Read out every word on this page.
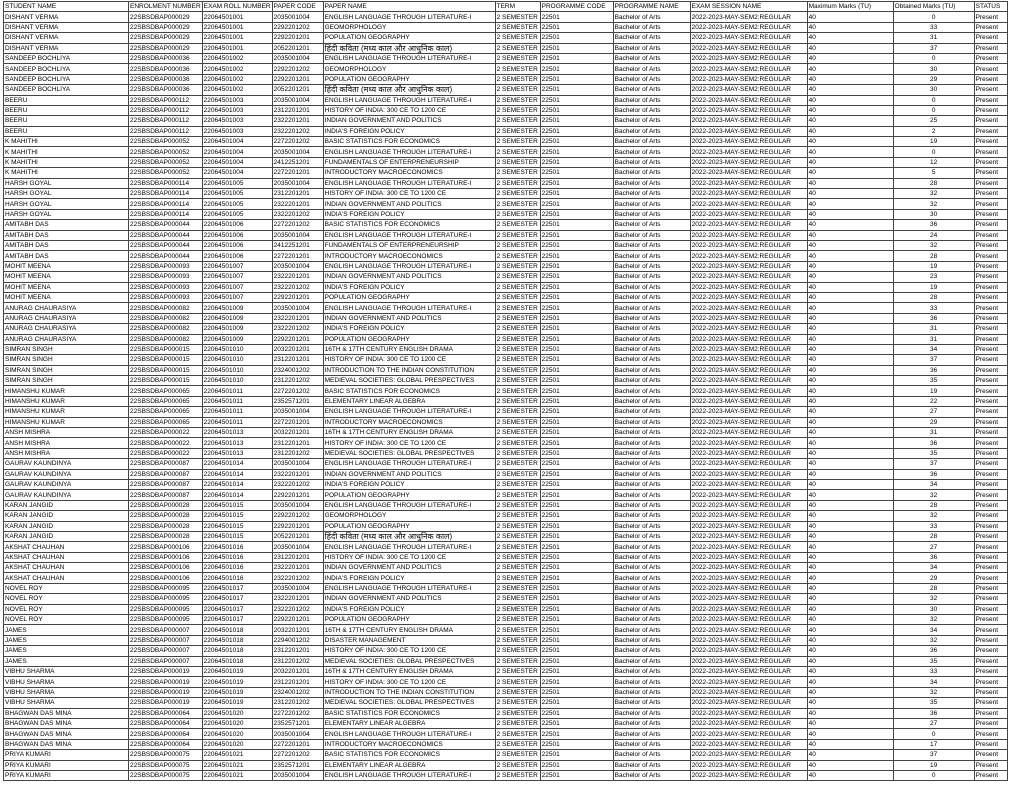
STUDENT NAME	ENROLMENT NUMBER	EXAM ROLL NUMBER	PAPER CODE	PAPER NAME	TERM	PROGRAMME CODE	PROGRAMME NAME	EXAM SESSION NAME	Maximum Marks (TU)	Obtained Marks (TU)	STATUS
DISHANT VERMA	22SBSDBAP000029	22064501001	2035001004	ENGLISH LANGUAGE THROUGH LITERATURE-I	2 SEMESTER	22501	Bachelor of Arts	2022-2023-MAY-SEM2:REGULAR	40	0	Present
DISHANT VERMA	22SBSDBAP000029	22064501001	2292201202	GEOMORPHOLOGY	2 SEMESTER	22501	Bachelor of Arts	2022-2023-MAY-SEM2:REGULAR	40	33	Present
DISHANT VERMA	22SBSDBAP000029	22064501001	2292201201	POPULATION GEOGRAPHY	2 SEMESTER	22501	Bachelor of Arts	2022-2023-MAY-SEM2:REGULAR	40	31	Present
DISHANT VERMA	22SBSDBAP000029	22064501001	2052201201	हिंदी कविता (मध्य काल और आधुनिक काल)	2 SEMESTER	22501	Bachelor of Arts	2022-2023-MAY-SEM2:REGULAR	40	37	Present
SANDEEP BOCHLIYA	22SBSDBAP000036	22064501002	2035001004	ENGLISH LANGUAGE THROUGH LITERATURE-I	2 SEMESTER	22501	Bachelor of Arts	2022-2023-MAY-SEM2:REGULAR	40	0	Present
SANDEEP BOCHLIYA	22SBSDBAP000036	22064501002	2292201202	GEOMORPHOLOGY	2 SEMESTER	22501	Bachelor of Arts	2022-2023-MAY-SEM2:REGULAR	40	30	Present
SANDEEP BOCHLIYA	22SBSDBAP000036	22064501002	2292201201	POPULATION GEOGRAPHY	2 SEMESTER	22501	Bachelor of Arts	2022-2023-MAY-SEM2:REGULAR	40	29	Present
SANDEEP BOCHLIYA	22SBSDBAP000036	22064501002	2052201201	हिंदी कविता (मध्य काल और आधुनिक काल)	2 SEMESTER	22501	Bachelor of Arts	2022-2023-MAY-SEM2:REGULAR	40	30	Present
BEERU	22SBSDBAP000112	22064501003	2035001004	ENGLISH LANGUAGE THROUGH LITERATURE-I	2 SEMESTER	22501	Bachelor of Arts	2022-2023-MAY-SEM2:REGULAR	40	0	Present
BEERU	22SBSDBAP000112	22064501003	2312201201	HISTORY OF INDIA: 300 CE TO 1200 CE	2 SEMESTER	22501	Bachelor of Arts	2022-2023-MAY-SEM2:REGULAR	40	0	Present
BEERU	22SBSDBAP000112	22064501003	2322201201	INDIAN GOVERNMENT AND POLITICS	2 SEMESTER	22501	Bachelor of Arts	2022-2023-MAY-SEM2:REGULAR	40	25	Present
BEERU	22SBSDBAP000112	22064501003	2322201202	INDIA'S FOREIGN POLICY	2 SEMESTER	22501	Bachelor of Arts	2022-2023-MAY-SEM2:REGULAR	40	2	Present
K MAHITHI	22SBSDBAP000052	22064501004	2272201202	BASIC STATISTICS FOR ECONOMICS	2 SEMESTER	22501	Bachelor of Arts	2022-2023-MAY-SEM2:REGULAR	40	19	Present
K MAHITHI	22SBSDBAP000052	22064501004	2035001004	ENGLISH LANGUAGE THROUGH LITERATURE-I	2 SEMESTER	22501	Bachelor of Arts	2022-2023-MAY-SEM2:REGULAR	40	0	Present
K MAHITHI	22SBSDBAP000052	22064501004	2412251201	FUNDAMENTALS OF ENTERPRENEURSHIP	2 SEMESTER	22501	Bachelor of Arts	2022-2023-MAY-SEM2:REGULAR	40	12	Present
K MAHITHI	22SBSDBAP000052	22064501004	2272201201	INTRODUCTORY MACROECONOMICS	2 SEMESTER	22501	Bachelor of Arts	2022-2023-MAY-SEM2:REGULAR	40	5	Present
HARSH GOYAL	22SBSDBAP000114	22064501005	2035001004	ENGLISH LANGUAGE THROUGH LITERATURE-I	2 SEMESTER	22501	Bachelor of Arts	2022-2023-MAY-SEM2:REGULAR	40	28	Present
HARSH GOYAL	22SBSDBAP000114	22064501005	2312201201	HISTORY OF INDIA: 300 CE TO 1200 CE	2 SEMESTER	22501	Bachelor of Arts	2022-2023-MAY-SEM2:REGULAR	40	32	Present
HARSH GOYAL	22SBSDBAP000114	22064501005	2322201201	INDIAN GOVERNMENT AND POLITICS	2 SEMESTER	22501	Bachelor of Arts	2022-2023-MAY-SEM2:REGULAR	40	32	Present
HARSH GOYAL	22SBSDBAP000114	22064501005	2322201202	INDIA'S FOREIGN POLICY	2 SEMESTER	22501	Bachelor of Arts	2022-2023-MAY-SEM2:REGULAR	40	30	Present
AMITABH DAS	22SBSDBAP000044	22064501006	2272201202	BASIC STATISTICS FOR ECONOMICS	2 SEMESTER	22501	Bachelor of Arts	2022-2023-MAY-SEM2:REGULAR	40	36	Present
AMITABH DAS	22SBSDBAP000044	22064501006	2035001004	ENGLISH LANGUAGE THROUGH LITERATURE-I	2 SEMESTER	22501	Bachelor of Arts	2022-2023-MAY-SEM2:REGULAR	40	24	Present
AMITABH DAS	22SBSDBAP000044	22064501006	2412251201	FUNDAMENTALS OF ENTERPRENEURSHIP	2 SEMESTER	22501	Bachelor of Arts	2022-2023-MAY-SEM2:REGULAR	40	32	Present
AMITABH DAS	22SBSDBAP000044	22064501006	2272201201	INTRODUCTORY MACROECONOMICS	2 SEMESTER	22501	Bachelor of Arts	2022-2023-MAY-SEM2:REGULAR	40	28	Present
MOHIT MEENA	22SBSDBAP000093	22064501007	2035001004	ENGLISH LANGUAGE THROUGH LITERATURE-I	2 SEMESTER	22501	Bachelor of Arts	2022-2023-MAY-SEM2:REGULAR	40	19	Present
MOHIT MEENA	22SBSDBAP000093	22064501007	2322201201	INDIAN GOVERNMENT AND POLITICS	2 SEMESTER	22501	Bachelor of Arts	2022-2023-MAY-SEM2:REGULAR	40	23	Present
MOHIT MEENA	22SBSDBAP000093	22064501007	2322201202	INDIA'S FOREIGN POLICY	2 SEMESTER	22501	Bachelor of Arts	2022-2023-MAY-SEM2:REGULAR	40	19	Present
MOHIT MEENA	22SBSDBAP000093	22064501007	2292201201	POPULATION GEOGRAPHY	2 SEMESTER	22501	Bachelor of Arts	2022-2023-MAY-SEM2:REGULAR	40	28	Present
ANURAG CHAURASIYA	22SBSDBAP000082	22064501009	2035001004	ENGLISH LANGUAGE THROUGH LITERATURE-I	2 SEMESTER	22501	Bachelor of Arts	2022-2023-MAY-SEM2:REGULAR	40	33	Present
ANURAG CHAURASIYA	22SBSDBAP000082	22064501009	2322201201	INDIAN GOVERNMENT AND POLITICS	2 SEMESTER	22501	Bachelor of Arts	2022-2023-MAY-SEM2:REGULAR	40	36	Present
ANURAG CHAURASIYA	22SBSDBAP000082	22064501009	2322201202	INDIA'S FOREIGN POLICY	2 SEMESTER	22501	Bachelor of Arts	2022-2023-MAY-SEM2:REGULAR	40	31	Present
ANURAG CHAURASIYA	22SBSDBAP000082	22064501009	2292201201	POPULATION GEOGRAPHY	2 SEMESTER	22501	Bachelor of Arts	2022-2023-MAY-SEM2:REGULAR	40	31	Present
SIMRAN SINGH	22SBSDBAP000015	22064501010	2032201201	16TH & 17TH CENTURY ENGLISH DRAMA	2 SEMESTER	22501	Bachelor of Arts	2022-2023-MAY-SEM2:REGULAR	40	34	Present
SIMRAN SINGH	22SBSDBAP000015	22064501010	2312201201	HISTORY OF INDIA: 300 CE TO 1200 CE	2 SEMESTER	22501	Bachelor of Arts	2022-2023-MAY-SEM2:REGULAR	40	37	Present
SIMRAN SINGH	22SBSDBAP000015	22064501010	2324001202	INTRODUCTION TO THE INDIAN CONSTITUTION	2 SEMESTER	22501	Bachelor of Arts	2022-2023-MAY-SEM2:REGULAR	40	36	Present
SIMRAN SINGH	22SBSDBAP000015	22064501010	2312201202	MEDIEVAL SOCIETIES: GLOBAL PRESPECTIVES	2 SEMESTER	22501	Bachelor of Arts	2022-2023-MAY-SEM2:REGULAR	40	35	Present
HIMANSHU KUMAR	22SBSDBAP000065	22064501011	2272201202	BASIC STATISTICS FOR ECONOMICS	2 SEMESTER	22501	Bachelor of Arts	2022-2023-MAY-SEM2:REGULAR	40	19	Present
HIMANSHU KUMAR	22SBSDBAP000065	22064501011	2352571201	ELEMENTARY LINEAR ALGEBRA	2 SEMESTER	22501	Bachelor of Arts	2022-2023-MAY-SEM2:REGULAR	40	22	Present
HIMANSHU KUMAR	22SBSDBAP000065	22064501011	2035001004	ENGLISH LANGUAGE THROUGH LITERATURE-I	2 SEMESTER	22501	Bachelor of Arts	2022-2023-MAY-SEM2:REGULAR	40	27	Present
HIMANSHU KUMAR	22SBSDBAP000065	22064501011	2272201201	INTRODUCTORY MACROECONOMICS	2 SEMESTER	22501	Bachelor of Arts	2022-2023-MAY-SEM2:REGULAR	40	29	Present
ANSH MISHRA	22SBSDBAP000022	22064501013	2032201201	16TH & 17TH CENTURY ENGLISH DRAMA	2 SEMESTER	22501	Bachelor of Arts	2022-2023-MAY-SEM2:REGULAR	40	31	Present
ANSH MISHRA	22SBSDBAP000022	22064501013	2312201201	HISTORY OF INDIA: 300 CE TO 1200 CE	2 SEMESTER	22501	Bachelor of Arts	2022-2023-MAY-SEM2:REGULAR	40	36	Present
ANSH MISHRA	22SBSDBAP000022	22064501013	2312201202	MEDIEVAL SOCIETIES: GLOBAL PRESPECTIVES	2 SEMESTER	22501	Bachelor of Arts	2022-2023-MAY-SEM2:REGULAR	40	35	Present
GAURAV KAUNDINYA	22SBSDBAP000087	22064501014	2035001004	ENGLISH LANGUAGE THROUGH LITERATURE-I	2 SEMESTER	22501	Bachelor of Arts	2022-2023-MAY-SEM2:REGULAR	40	37	Present
GAURAV KAUNDINYA	22SBSDBAP000087	22064501014	2322201201	INDIAN GOVERNMENT AND POLITICS	2 SEMESTER	22501	Bachelor of Arts	2022-2023-MAY-SEM2:REGULAR	40	36	Present
GAURAV KAUNDINYA	22SBSDBAP000087	22064501014	2322201202	INDIA'S FOREIGN POLICY	2 SEMESTER	22501	Bachelor of Arts	2022-2023-MAY-SEM2:REGULAR	40	34	Present
GAURAV KAUNDINYA	22SBSDBAP000087	22064501014	2292201201	POPULATION GEOGRAPHY	2 SEMESTER	22501	Bachelor of Arts	2022-2023-MAY-SEM2:REGULAR	40	32	Present
KARAN JANGID	22SBSDBAP000028	22064501015	2035001004	ENGLISH LANGUAGE THROUGH LITERATURE-I	2 SEMESTER	22501	Bachelor of Arts	2022-2023-MAY-SEM2:REGULAR	40	28	Present
KARAN JANGID	22SBSDBAP000028	22064501015	2292201202	GEOMORPHOLOGY	2 SEMESTER	22501	Bachelor of Arts	2022-2023-MAY-SEM2:REGULAR	40	32	Present
KARAN JANGID	22SBSDBAP000028	22064501015	2292201201	POPULATION GEOGRAPHY	2 SEMESTER	22501	Bachelor of Arts	2022-2023-MAY-SEM2:REGULAR	40	33	Present
KARAN JANGID	22SBSDBAP000028	22064501015	2052201201	हिंदी कविता (मध्य काल और आधुनिक काल)	2 SEMESTER	22501	Bachelor of Arts	2022-2023-MAY-SEM2:REGULAR	40	28	Present
AKSHAT CHAUHAN	22SBSDBAP000106	22064501016	2035001004	ENGLISH LANGUAGE THROUGH LITERATURE-I	2 SEMESTER	22501	Bachelor of Arts	2022-2023-MAY-SEM2:REGULAR	40	27	Present
AKSHAT CHAUHAN	22SBSDBAP000106	22064501016	2312201201	HISTORY OF INDIA: 300 CE TO 1200 CE	2 SEMESTER	22501	Bachelor of Arts	2022-2023-MAY-SEM2:REGULAR	40	36	Present
AKSHAT CHAUHAN	22SBSDBAP000106	22064501016	2322201201	INDIAN GOVERNMENT AND POLITICS	2 SEMESTER	22501	Bachelor of Arts	2022-2023-MAY-SEM2:REGULAR	40	34	Present
AKSHAT CHAUHAN	22SBSDBAP000106	22064501016	2322201202	INDIA'S FOREIGN POLICY	2 SEMESTER	22501	Bachelor of Arts	2022-2023-MAY-SEM2:REGULAR	40	29	Present
NOVEL ROY	22SBSDBAP000095	22064501017	2035001004	ENGLISH LANGUAGE THROUGH LITERATURE-I	2 SEMESTER	22501	Bachelor of Arts	2022-2023-MAY-SEM2:REGULAR	40	28	Present
NOVEL ROY	22SBSDBAP000095	22064501017	2322201201	INDIAN GOVERNMENT AND POLITICS	2 SEMESTER	22501	Bachelor of Arts	2022-2023-MAY-SEM2:REGULAR	40	32	Present
NOVEL ROY	22SBSDBAP000095	22064501017	2322201202	INDIA'S FOREIGN POLICY	2 SEMESTER	22501	Bachelor of Arts	2022-2023-MAY-SEM2:REGULAR	40	30	Present
NOVEL ROY	22SBSDBAP000095	22064501017	2292201201	POPULATION GEOGRAPHY	2 SEMESTER	22501	Bachelor of Arts	2022-2023-MAY-SEM2:REGULAR	40	32	Present
JAMES	22SBSDBAP000007	22064501018	2032201201	16TH & 17TH CENTURY ENGLISH DRAMA	2 SEMESTER	22501	Bachelor of Arts	2022-2023-MAY-SEM2:REGULAR	40	34	Present
JAMES	22SBSDBAP000007	22064501018	2294001202	DISASTER MANAGEMENT	2 SEMESTER	22501	Bachelor of Arts	2022-2023-MAY-SEM2:REGULAR	40	32	Present
JAMES	22SBSDBAP000007	22064501018	2312201201	HISTORY OF INDIA: 300 CE TO 1200 CE	2 SEMESTER	22501	Bachelor of Arts	2022-2023-MAY-SEM2:REGULAR	40	36	Present
JAMES	22SBSDBAP000007	22064501018	2312201202	MEDIEVAL SOCIETIES: GLOBAL PRESPECTIVES	2 SEMESTER	22501	Bachelor of Arts	2022-2023-MAY-SEM2:REGULAR	40	35	Present
VIBHU SHARMA	22SBSDBAP000019	22064501019	2032201201	16TH & 17TH CENTURY ENGLISH DRAMA	2 SEMESTER	22501	Bachelor of Arts	2022-2023-MAY-SEM2:REGULAR	40	33	Present
VIBHU SHARMA	22SBSDBAP000019	22064501019	2312201201	HISTORY OF INDIA: 300 CE TO 1200 CE	2 SEMESTER	22501	Bachelor of Arts	2022-2023-MAY-SEM2:REGULAR	40	34	Present
VIBHU SHARMA	22SBSDBAP000019	22064501019	2324001202	INTRODUCTION TO THE INDIAN CONSTITUTION	2 SEMESTER	22501	Bachelor of Arts	2022-2023-MAY-SEM2:REGULAR	40	32	Present
VIBHU SHARMA	22SBSDBAP000019	22064501019	2312201202	MEDIEVAL SOCIETIES: GLOBAL PRESPECTIVES	2 SEMESTER	22501	Bachelor of Arts	2022-2023-MAY-SEM2:REGULAR	40	35	Present
BHAGWAN DAS MINA	22SBSDBAP000064	22064501020	2272201202	BASIC STATISTICS FOR ECONOMICS	2 SEMESTER	22501	Bachelor of Arts	2022-2023-MAY-SEM2:REGULAR	40	36	Present
BHAGWAN DAS MINA	22SBSDBAP000064	22064501020	2352571201	ELEMENTARY LINEAR ALGEBRA	2 SEMESTER	22501	Bachelor of Arts	2022-2023-MAY-SEM2:REGULAR	40	27	Present
BHAGWAN DAS MINA	22SBSDBAP000064	22064501020	2035001004	ENGLISH LANGUAGE THROUGH LITERATURE-I	2 SEMESTER	22501	Bachelor of Arts	2022-2023-MAY-SEM2:REGULAR	40	0	Present
BHAGWAN DAS MINA	22SBSDBAP000064	22064501020	2272201201	INTRODUCTORY MACROECONOMICS	2 SEMESTER	22501	Bachelor of Arts	2022-2023-MAY-SEM2:REGULAR	40	17	Present
PRIYA KUMARI	22SBSDBAP000075	22064501021	2272201202	BASIC STATISTICS FOR ECONOMICS	2 SEMESTER	22501	Bachelor of Arts	2022-2023-MAY-SEM2:REGULAR	40	37	Present
PRIYA KUMARI	22SBSDBAP000075	22064501021	2352571201	ELEMENTARY LINEAR ALGEBRA	2 SEMESTER	22501	Bachelor of Arts	2022-2023-MAY-SEM2:REGULAR	40	19	Present
PRIYA KUMARI	22SBSDBAP000075	22064501021	2035001004	ENGLISH LANGUAGE THROUGH LITERATURE-I	2 SEMESTER	22501	Bachelor of Arts	2022-2023-MAY-SEM2:REGULAR	40	0	Present
